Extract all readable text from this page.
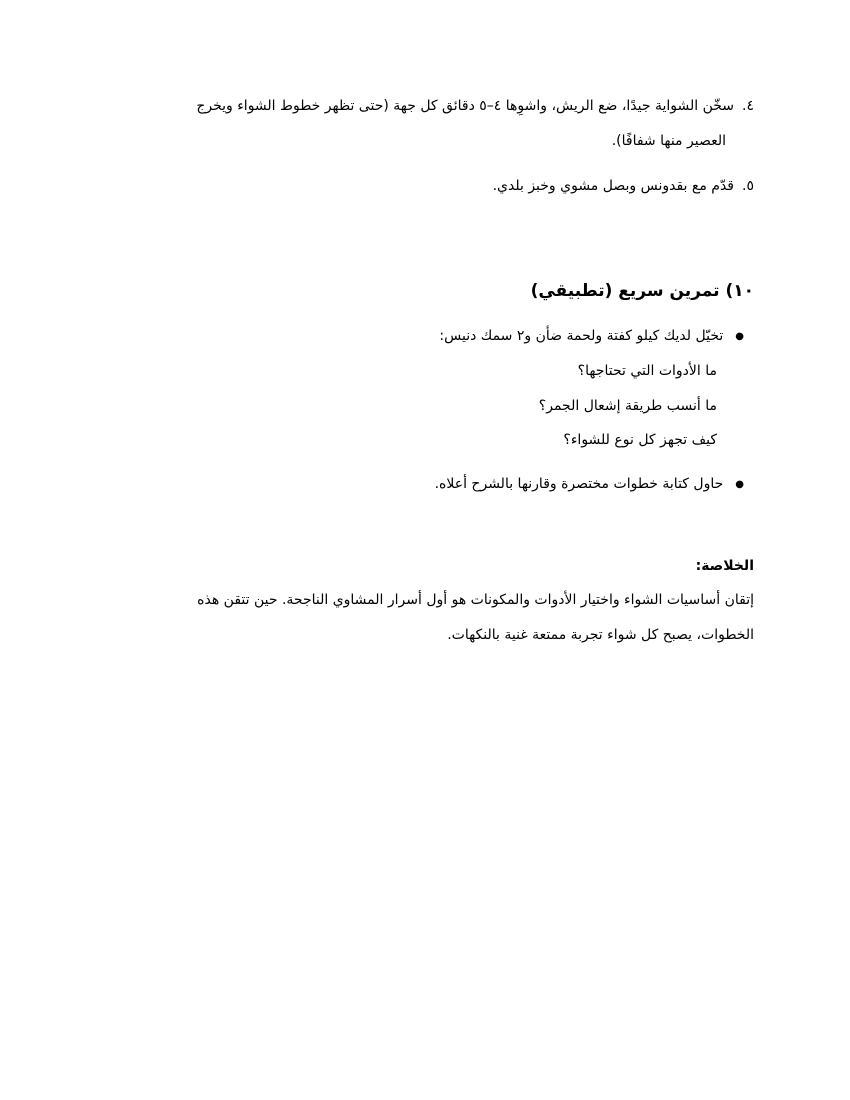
٤.سخّن الشواية جيدًا، ضع الريش، واشوِها ٤–٥ دقائق كل جهة (حتى تظهر خطوط الشواء ويخرج
العصير منها شفافًا).
٥.قدّم مع بقدونس وبصل مشوي وخبز بلدي.
١٠) تمرين سريع (تطبيقي)
●تخيّل لديك كيلو كفتة ولحمة ضأن و٢ سمك دنيس:
ما الأدوات التي تحتاجها؟
ما أنسب طريقة إشعال الجمر؟
كيف تجهز كل نوع للشواء؟
●حاول كتابة خطوات مختصرة وقارنها بالشرح أعلاه.
الخلاصة:
إتقان أساسيات الشواء واختيار الأدوات والمكونات هو أول أسرار المشاوي الناجحة. حين تتقن هذه
الخطوات، يصبح كل شواء تجربة ممتعة غنية بالنكهات.
